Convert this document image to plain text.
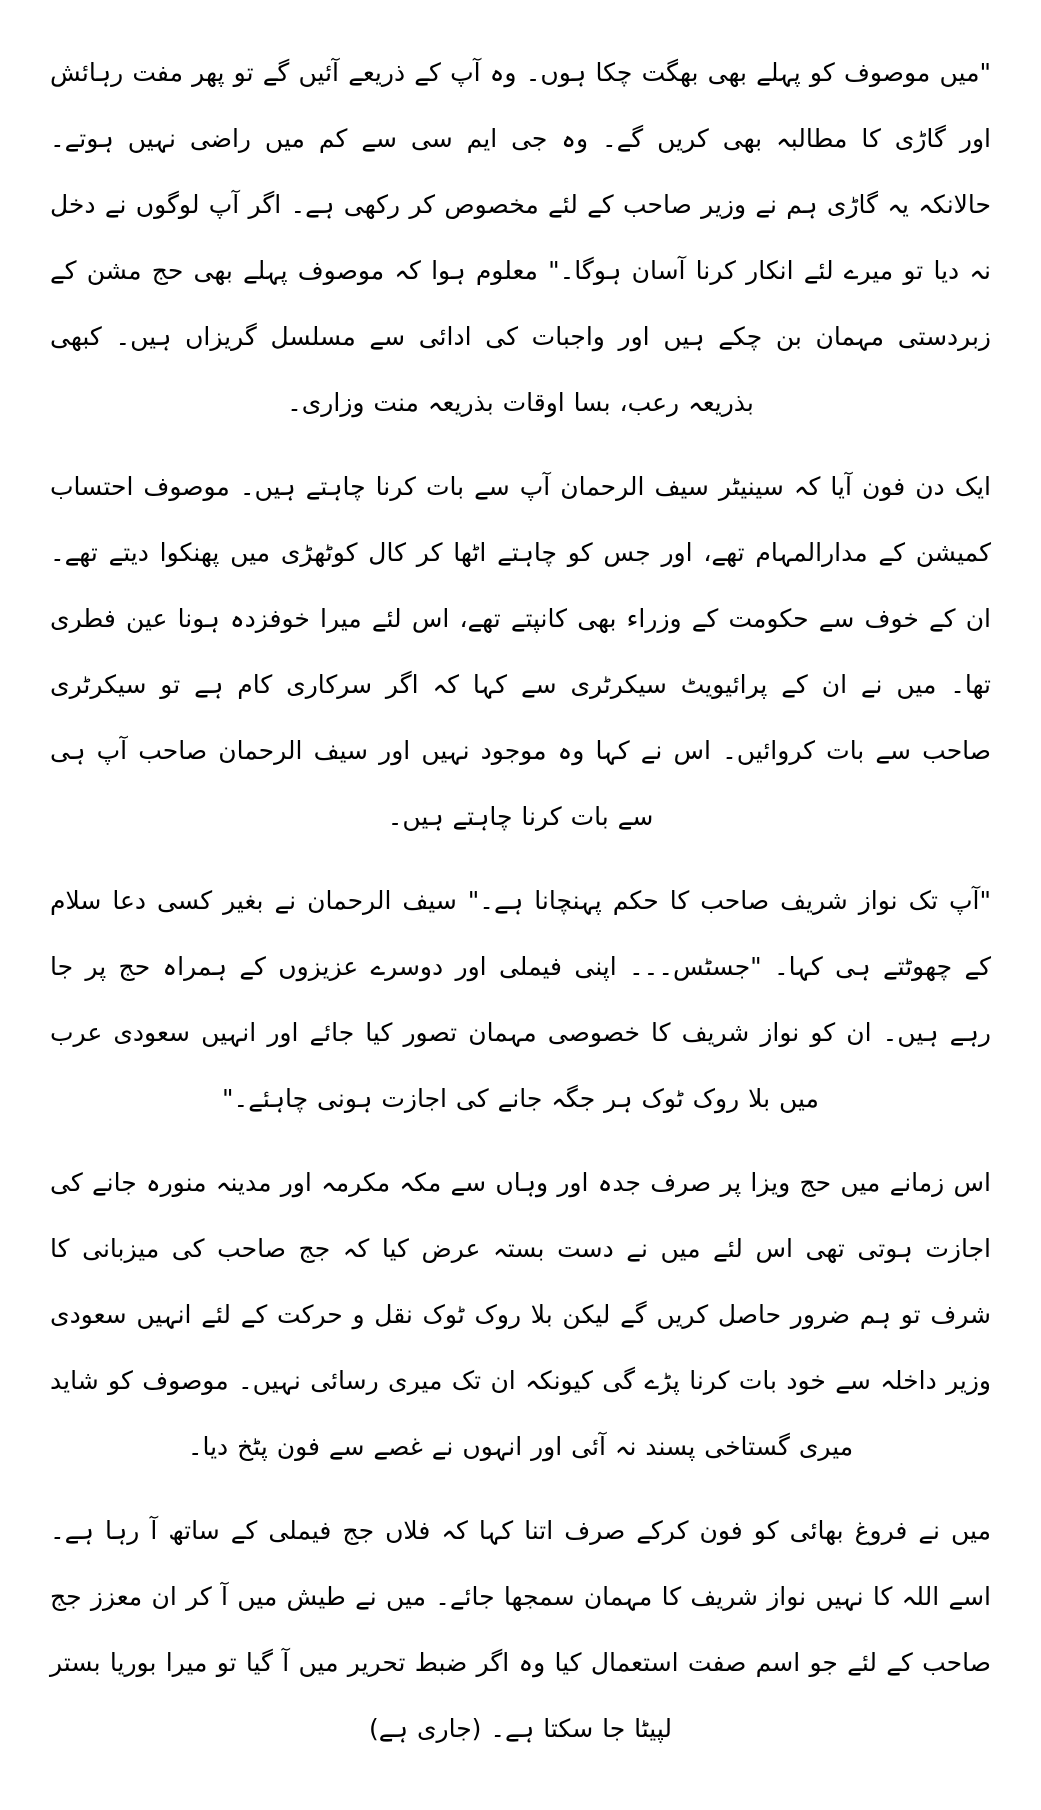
"میں موصوف کو پہلے بھی بھگت چکا ہوں۔ وہ آپ کے ذریعے آئیں گے تو پھر مفت رہائش اور گاڑی کا مطالبہ بھی کریں گے۔ وہ جی ایم سی سے کم میں راضی نہیں ہوتے۔ حالانکہ یہ گاڑی ہم نے وزیر صاحب کے لئے مخصوص کر رکھی ہے۔ اگر آپ لوگوں نے دخل نہ دیا تو میرے لئے انکار کرنا آسان ہوگا۔" معلوم ہوا کہ موصوف پہلے بھی حج مشن کے زبردستی مہمان بن چکے ہیں اور واجبات کی ادائی سے مسلسل گریزاں ہیں۔ کبھی بذریعہ رعب، بسا اوقات بذریعہ منت وزاری۔

ایک دن فون آیا کہ سینیٹر سیف الرحمان آپ سے بات کرنا چاہتے ہیں۔ موصوف احتساب کمیشن کے مدارالمہام تھے، اور جس کو چاہتے اٹھا کر کال کوٹھڑی میں پھنکوا دیتے تھے۔ ان کے خوف سے حکومت کے وزراء بھی کانپتے تھے، اس لئے میرا خوفزدہ ہونا عین فطری تھا۔ میں نے ان کے پرائیویٹ سیکرٹری سے کہا کہ اگر سرکاری کام ہے تو سیکرٹری صاحب سے بات کروائیں۔ اس نے کہا وہ موجود نہیں اور سیف الرحمان صاحب آپ ہی سے بات کرنا چاہتے ہیں۔

"آپ تک نواز شریف صاحب کا حکم پہنچانا ہے۔" سیف الرحمان نے بغیر کسی دعا سلام کے چھوٹتے ہی کہا۔ "جسٹس۔۔۔ اپنی فیملی اور دوسرے عزیزوں کے ہمراہ حج پر جا رہے ہیں۔ ان کو نواز شریف کا خصوصی مہمان تصور کیا جائے اور انہیں سعودی عرب میں بلا روک ٹوک ہر جگہ جانے کی اجازت ہونی چاہئے۔"

اس زمانے میں حج ویزا پر صرف جدہ اور وہاں سے مکہ مکرمہ اور مدینہ منورہ جانے کی اجازت ہوتی تھی اس لئے میں نے دست بستہ عرض کیا کہ جج صاحب کی میزبانی کا شرف تو ہم ضرور حاصل کریں گے لیکن بلا روک ٹوک نقل و حرکت کے لئے انہیں سعودی وزیر داخلہ سے خود بات کرنا پڑے گی کیونکہ ان تک میری رسائی نہیں۔ موصوف کو شاید میری گستاخی پسند نہ آئی اور انہوں نے غصے سے فون پٹخ دیا۔

میں نے فروغ بھائی کو فون کرکے صرف اتنا کہا کہ فلاں جج فیملی کے ساتھ آ رہا ہے۔ اسے اللہ کا نہیں نواز شریف کا مہمان سمجھا جائے۔ میں نے طیش میں آ کر ان معزز جج صاحب کے لئے جو اسم صفت استعمال کیا وہ اگر ضبط تحریر میں آ گیا تو میرا بوریا بستر لپیٹا جا سکتا ہے۔ (جاری ہے)
